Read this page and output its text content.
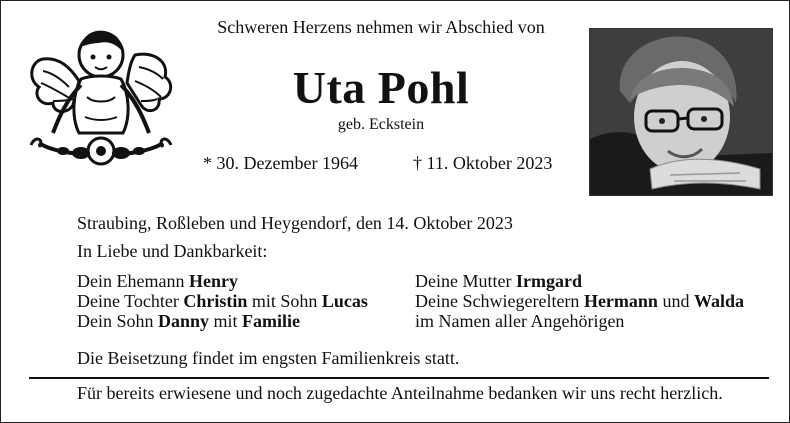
Schweren Herzens nehmen wir Abschied von
Uta Pohl
geb. Eckstein
* 30. Dezember 1964	† 11. Oktober 2023
Straubing, Roßleben und Heygendorf, den 14. Oktober 2023
In Liebe und Dankbarkeit:
Dein Ehemann Henry
Deine Tochter Christin mit Sohn Lucas
Dein Sohn Danny mit Familie
Deine Mutter Irmgard
Deine Schwiegereltern Hermann und Walda
im Namen aller Angehörigen
Die Beisetzung findet im engsten Familienkreis statt.
Für bereits erwiesene und noch zugedachte Anteilnahme bedanken wir uns recht herzlich.
